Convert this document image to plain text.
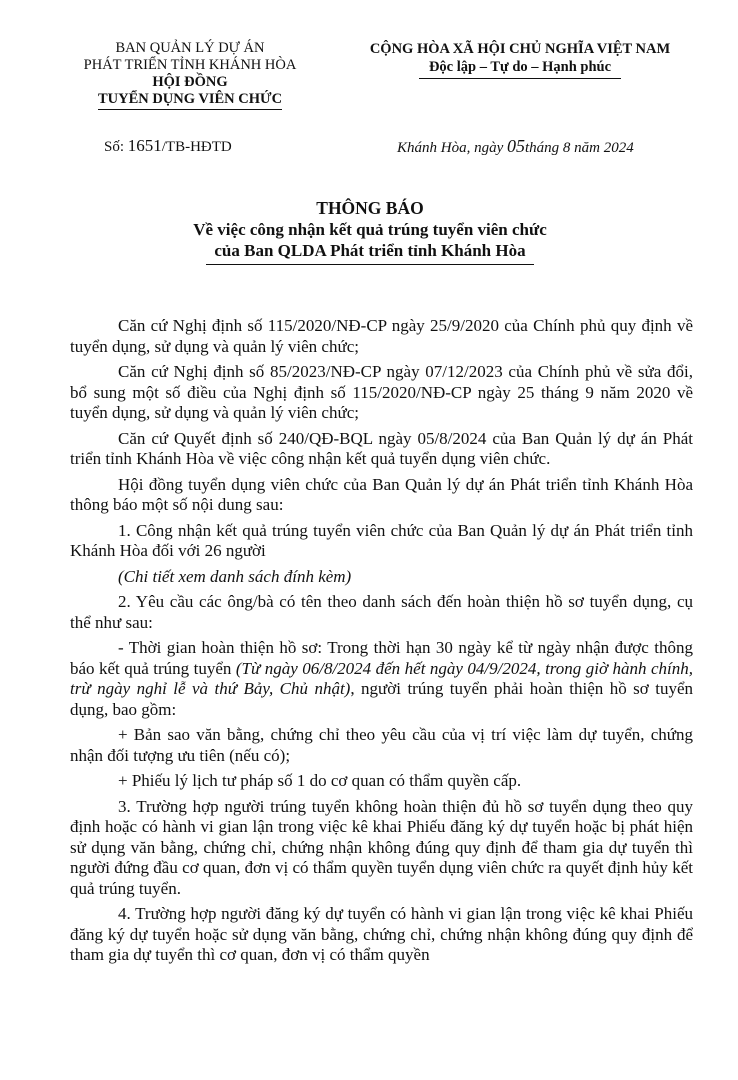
BAN QUẢN LÝ DỰ ÁN
PHÁT TRIỂN TỈNH KHÁNH HÒA
HỘI ĐỒNG
TUYỂN DỤNG VIÊN CHỨC
CỘNG HÒA XÃ HỘI CHỦ NGHĨA VIỆT NAM
Độc lập – Tự do – Hạnh phúc
Số: 1651/TB-HĐTD	Khánh Hòa, ngày 05tháng 8 năm 2024
THÔNG BÁO
Về việc công nhận kết quả trúng tuyển viên chức
của Ban QLDA Phát triển tỉnh Khánh Hòa

Căn cứ Nghị định số 115/2020/NĐ-CP ngày 25/9/2020 của Chính phủ quy định về tuyển dụng, sử dụng và quản lý viên chức;

Căn cứ Nghị định số 85/2023/NĐ-CP ngày 07/12/2023 của Chính phủ về sửa đổi, bổ sung một số điều của Nghị định số 115/2020/NĐ-CP ngày 25 tháng 9 năm 2020 về tuyển dụng, sử dụng và quản lý viên chức;

Căn cứ Quyết định số 240/QĐ-BQL ngày 05/8/2024 của Ban Quản lý dự án Phát triển tỉnh Khánh Hòa về việc công nhận kết quả tuyển dụng viên chức.

Hội đồng tuyển dụng viên chức của Ban Quản lý dự án Phát triển tỉnh Khánh Hòa thông báo một số nội dung sau:

1. Công nhận kết quả trúng tuyển viên chức của Ban Quản lý dự án Phát triển tỉnh Khánh Hòa đối với 26 người

(Chi tiết xem danh sách đính kèm)

2. Yêu cầu các ông/bà có tên theo danh sách đến hoàn thiện hồ sơ tuyển dụng, cụ thể như sau:

- Thời gian hoàn thiện hồ sơ: Trong thời hạn 30 ngày kể từ ngày nhận được thông báo kết quả trúng tuyển (Từ ngày 06/8/2024 đến hết ngày 04/9/2024, trong giờ hành chính, trừ ngày nghỉ lễ và thứ Bảy, Chủ nhật), người trúng tuyển phải hoàn thiện hồ sơ tuyển dụng, bao gồm:

+ Bản sao văn bằng, chứng chỉ theo yêu cầu của vị trí việc làm dự tuyển, chứng nhận đối tượng ưu tiên (nếu có);

+ Phiếu lý lịch tư pháp số 1 do cơ quan có thẩm quyền cấp.

3. Trường hợp người trúng tuyển không hoàn thiện đủ hồ sơ tuyển dụng theo quy định hoặc có hành vi gian lận trong việc kê khai Phiếu đăng ký dự tuyển hoặc bị phát hiện sử dụng văn bằng, chứng chỉ, chứng nhận không đúng quy định để tham gia dự tuyển thì người đứng đầu cơ quan, đơn vị có thẩm quyền tuyển dụng viên chức ra quyết định hủy kết quả trúng tuyển.

4. Trường hợp người đăng ký dự tuyển có hành vi gian lận trong việc kê khai Phiếu đăng ký dự tuyển hoặc sử dụng văn bằng, chứng chỉ, chứng nhận không đúng quy định để tham gia dự tuyển thì cơ quan, đơn vị có thẩm quyền
